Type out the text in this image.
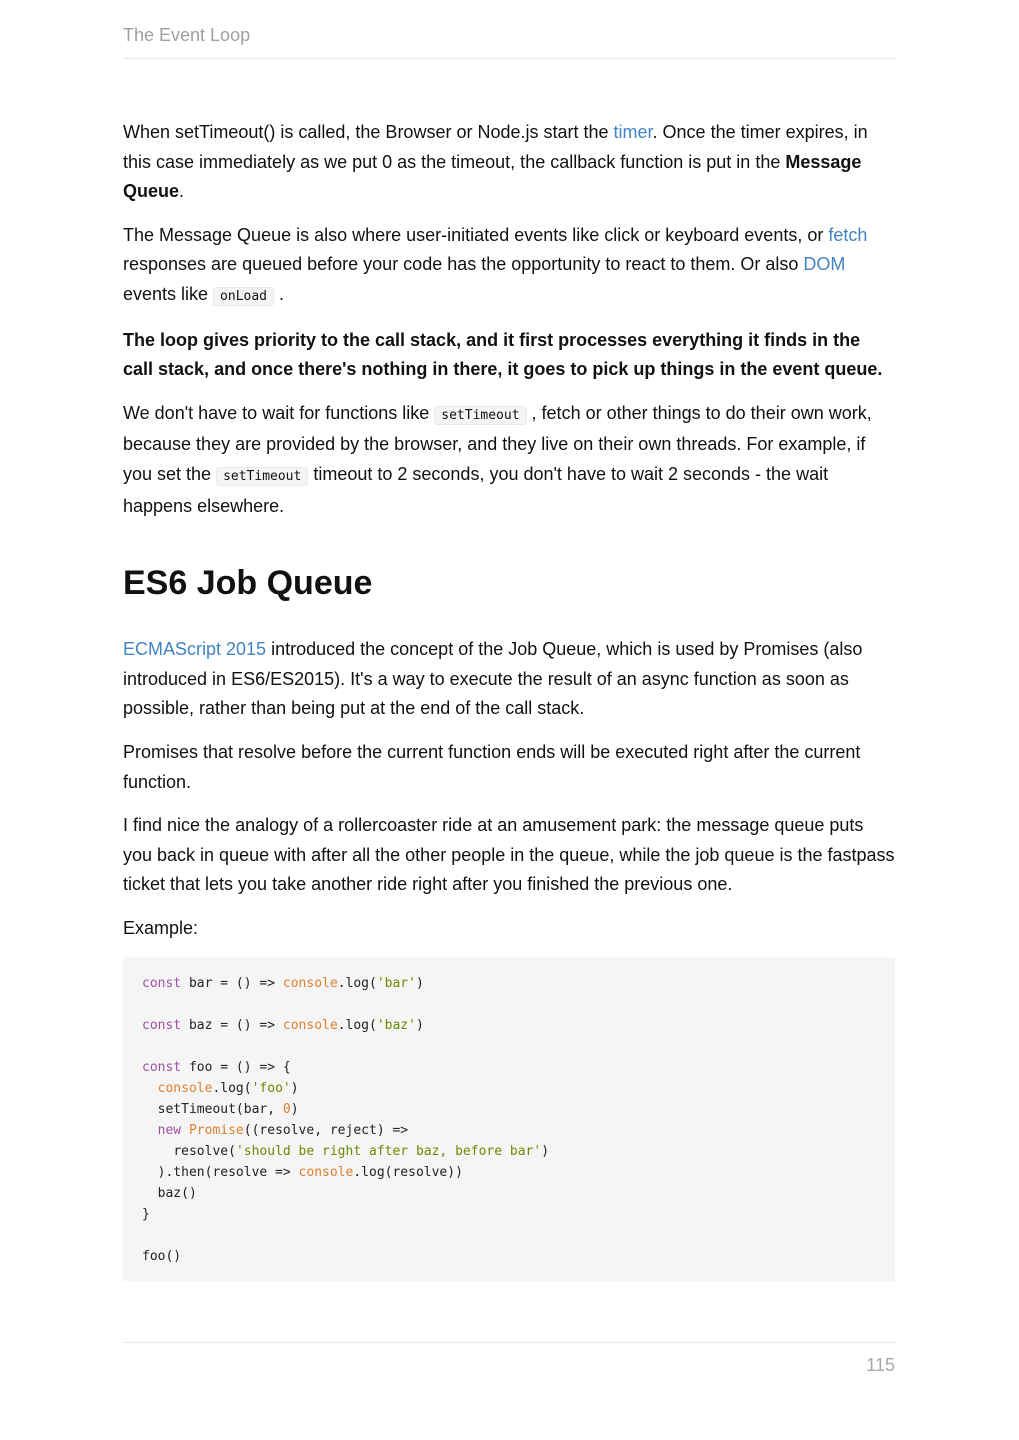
The Event Loop

When setTimeout() is called, the Browser or Node.js start the timer. Once the timer expires, in this case immediately as we put 0 as the timeout, the callback function is put in the Message Queue.

The Message Queue is also where user-initiated events like click or keyboard events, or fetch responses are queued before your code has the opportunity to react to them. Or also DOM events like onLoad .

The loop gives priority to the call stack, and it first processes everything it finds in the call stack, and once there's nothing in there, it goes to pick up things in the event queue.

We don't have to wait for functions like setTimeout , fetch or other things to do their own work, because they are provided by the browser, and they live on their own threads. For example, if you set the setTimeout timeout to 2 seconds, you don't have to wait 2 seconds - the wait happens elsewhere.

ES6 Job Queue

ECMAScript 2015 introduced the concept of the Job Queue, which is used by Promises (also introduced in ES6/ES2015). It's a way to execute the result of an async function as soon as possible, rather than being put at the end of the call stack.

Promises that resolve before the current function ends will be executed right after the current function.

I find nice the analogy of a rollercoaster ride at an amusement park: the message queue puts you back in queue with after all the other people in the queue, while the job queue is the fastpass ticket that lets you take another ride right after you finished the previous one.

Example:

const bar = () => console.log('bar')

const baz = () => console.log('baz')

const foo = () => {
console.log('foo')
setTimeout(bar, 0)
new Promise((resolve, reject) =>
resolve('should be right after baz, before bar')
).then(resolve => console.log(resolve))
baz()
}

foo()
115
